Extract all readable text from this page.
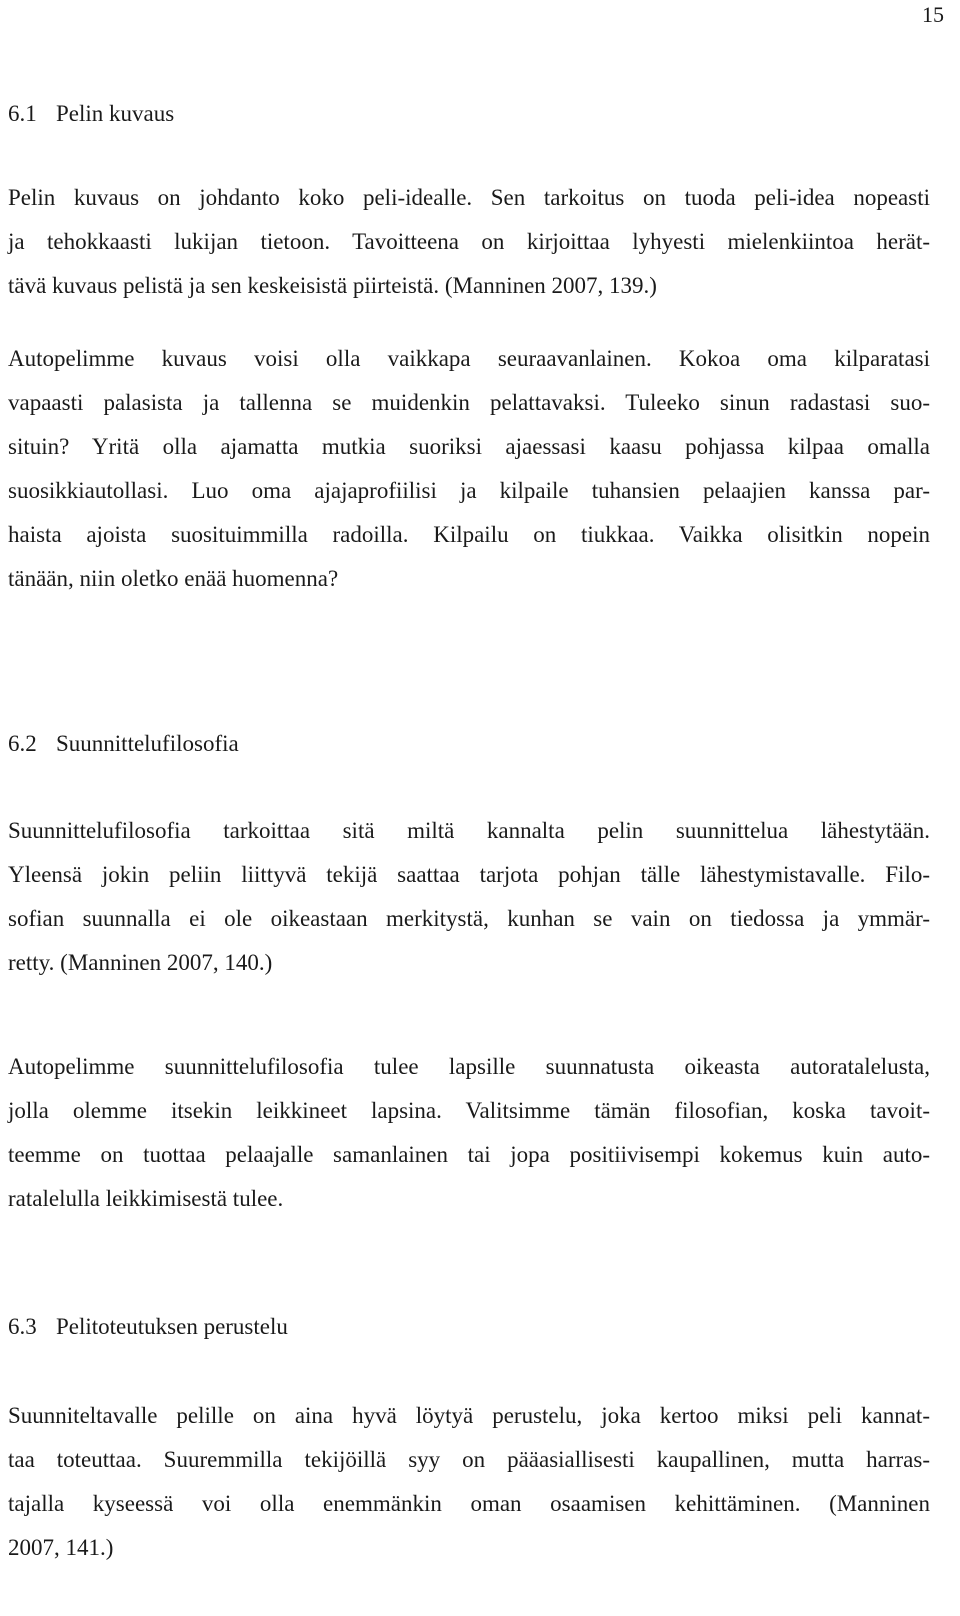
15
6.1 Pelin kuvaus
Pelin kuvaus on johdanto koko peli-idealle. Sen tarkoitus on tuoda peli-idea nopeasti
ja tehokkaasti lukijan tietoon. Tavoitteena on kirjoittaa lyhyesti mielenkiintoa herät-
tävä kuvaus pelistä ja sen keskeisistä piirteistä. (Manninen 2007, 139.)
Autopelimme kuvaus voisi olla vaikkapa seuraavanlainen. Kokoa oma kilparatasi
vapaasti palasista ja tallenna se muidenkin pelattavaksi. Tuleeko sinun radastasi suo-
situin? Yritä olla ajamatta mutkia suoriksi ajaessasi kaasu pohjassa kilpaa omalla
suosikkiautollasi. Luo oma ajajaprofiilisi ja kilpaile tuhansien pelaajien kanssa par-
haista ajoista suosituimmilla radoilla. Kilpailu on tiukkaa. Vaikka olisitkin nopein
tänään, niin oletko enää huomenna?
6.2 Suunnittelufilosofia
Suunnittelufilosofia tarkoittaa sitä miltä kannalta pelin suunnittelua lähestytään.
Yleensä jokin peliin liittyvä tekijä saattaa tarjota pohjan tälle lähestymistavalle. Filo-
sofian suunnalla ei ole oikeastaan merkitystä, kunhan se vain on tiedossa ja ymmär-
retty. (Manninen 2007, 140.)
Autopelimme suunnittelufilosofia tulee lapsille suunnatusta oikeasta autoratalelusta,
jolla olemme itsekin leikkineet lapsina. Valitsimme tämän filosofian, koska tavoit-
teemme on tuottaa pelaajalle samanlainen tai jopa positiivisempi kokemus kuin auto-
ratalelulla leikkimisestä tulee.
6.3 Pelitoteutuksen perustelu
Suunniteltavalle pelille on aina hyvä löytyä perustelu, joka kertoo miksi peli kannat-
taa toteuttaa. Suuremmilla tekijöillä syy on pääasiallisesti kaupallinen, mutta harras-
tajalla kyseessä voi olla enemmänkin oman osaamisen kehittäminen. (Manninen
2007, 141.)
